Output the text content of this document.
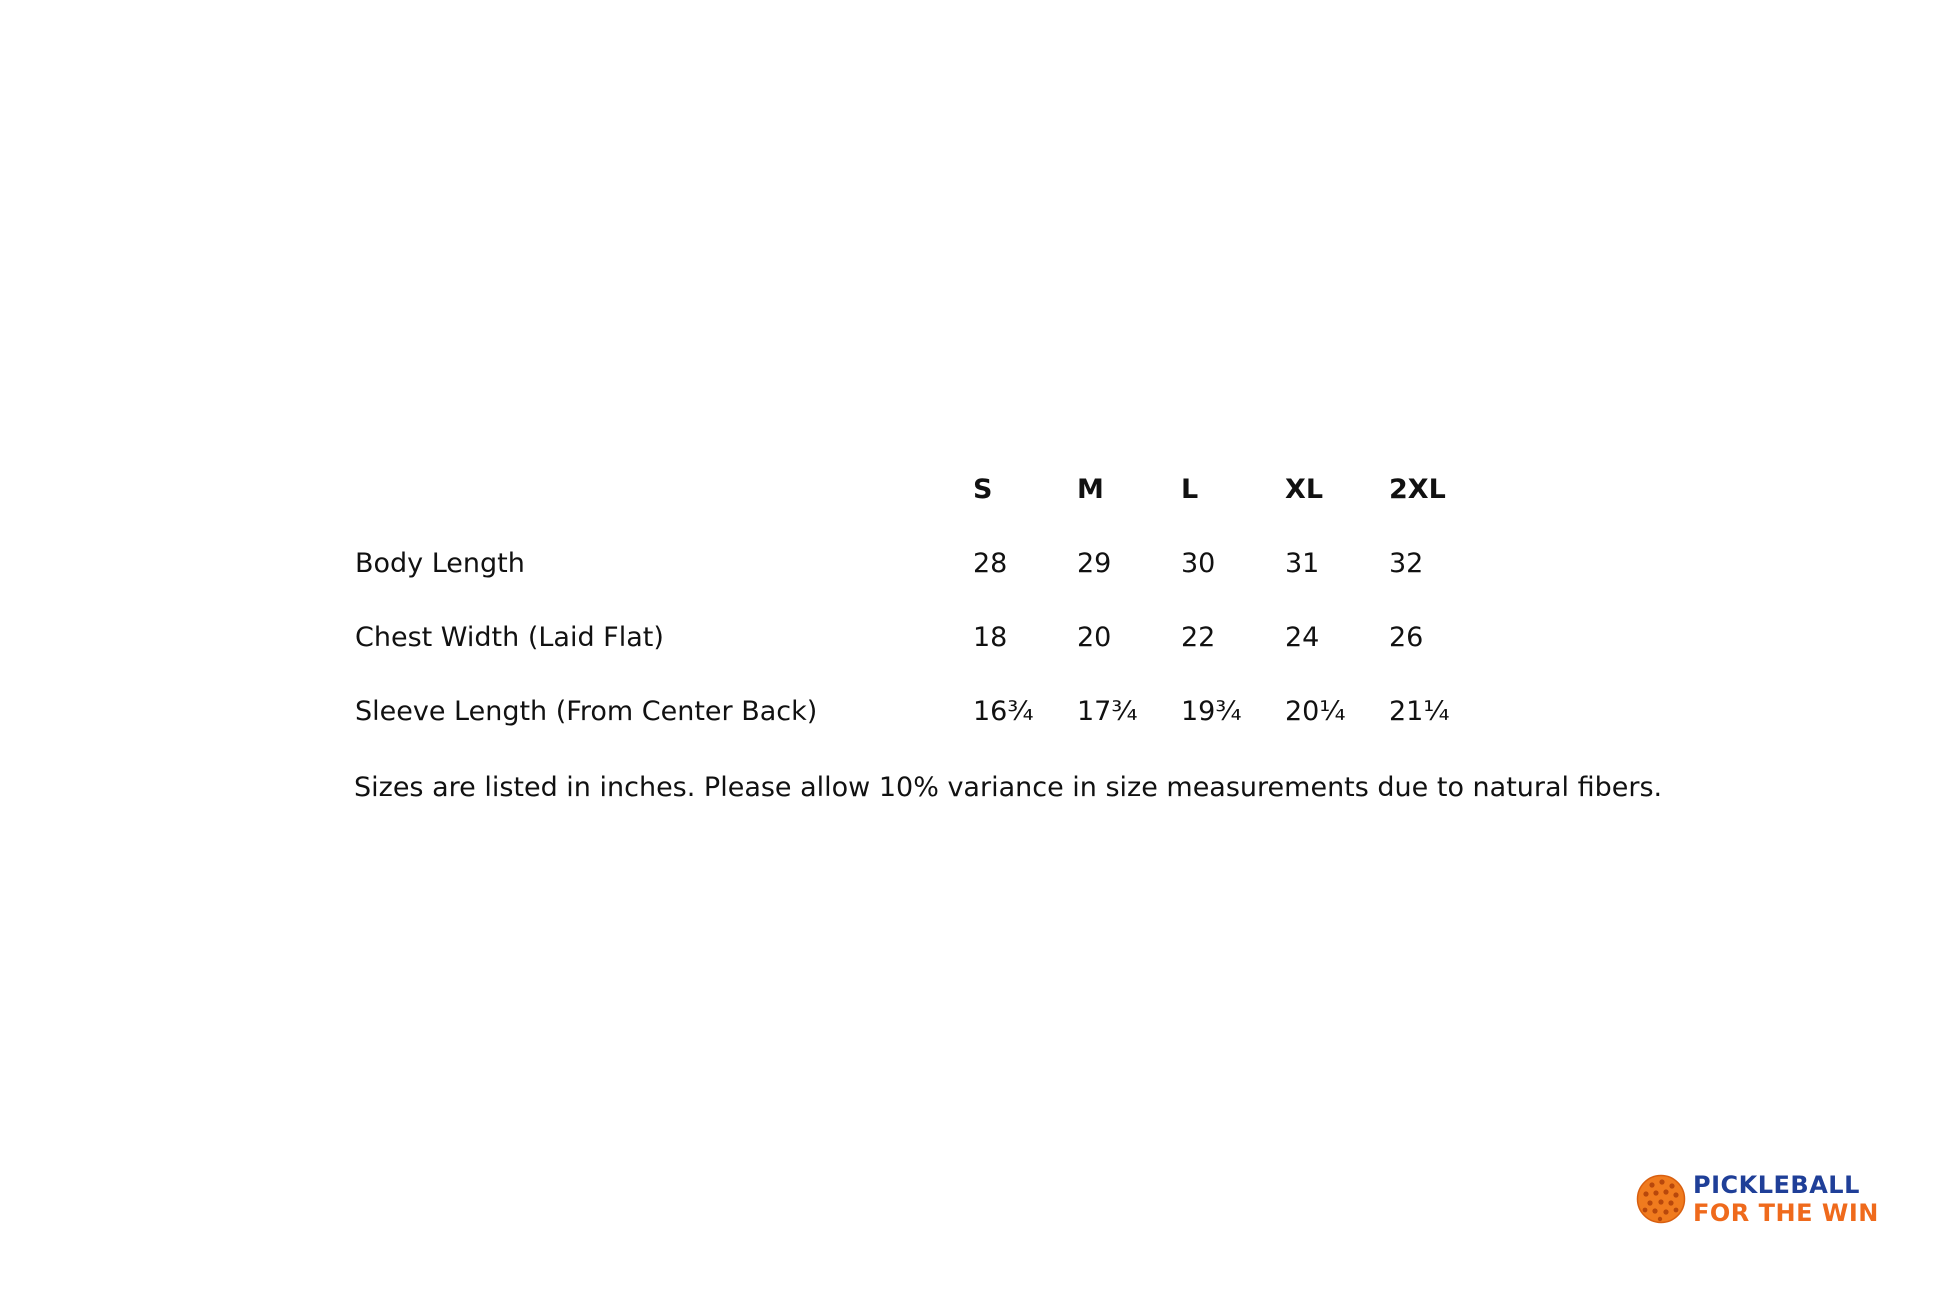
	S	M	L	XL	2XL
Body Length	28	29	30	31	32
Chest Width (Laid Flat)	18	20	22	24	26
Sleeve Length (From Center Back)	16¾	17¾	19¾	20¼	21¼
Sizes are listed in inches. Please allow 10% variance in size measurements due to natural fibers.
PICKLEBALL
FOR THE WIN
